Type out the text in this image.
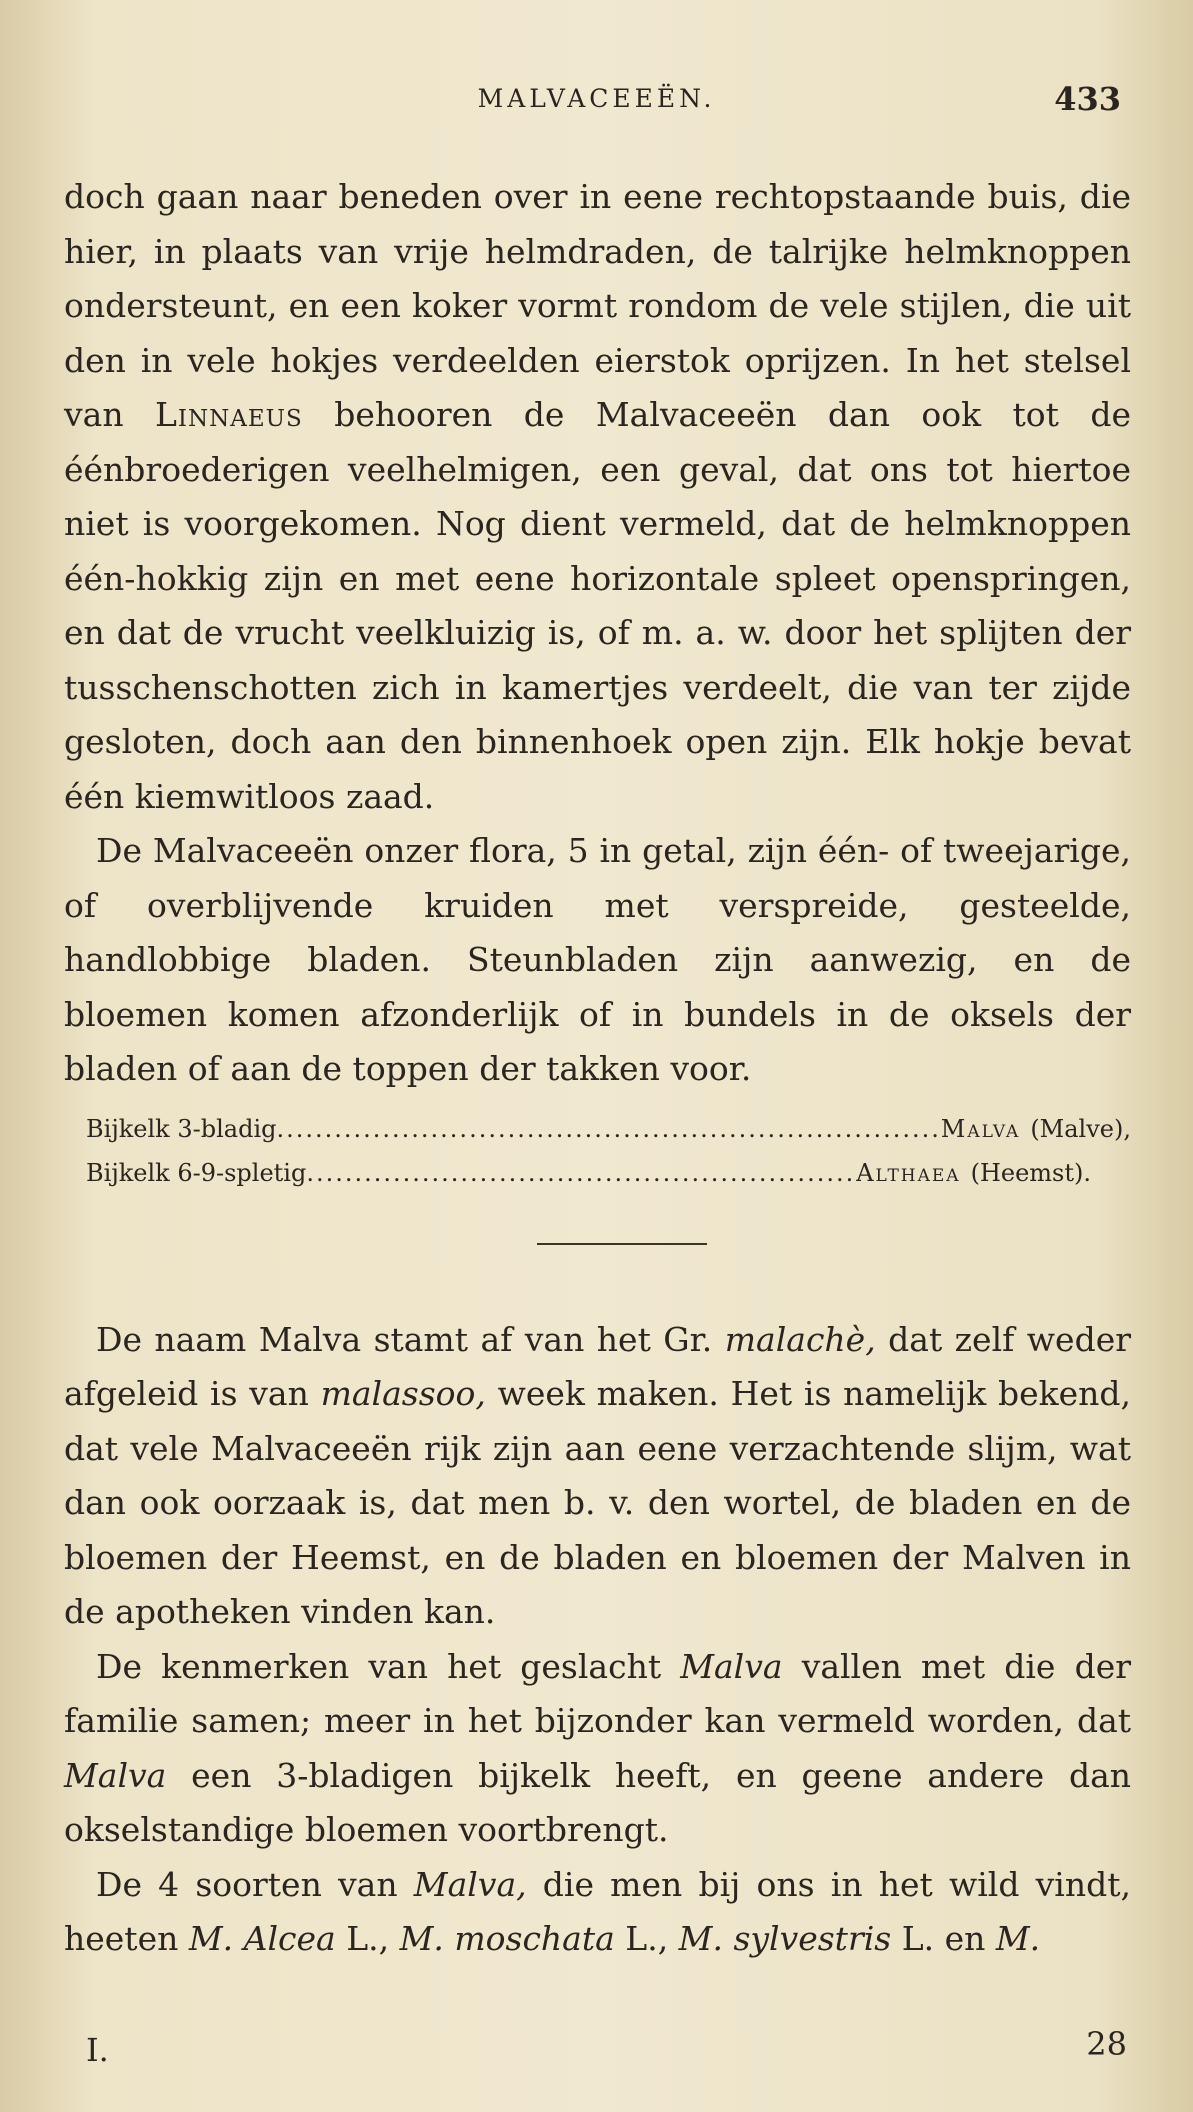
MALVACEEËN.	433

doch gaan naar beneden over in eene rechtopstaande buis, die hier, in plaats van vrije helmdraden, de talrijke helmknoppen ondersteunt, en een koker vormt rondom de vele stijlen, die uit den in vele hokjes verdeelden eierstok oprijzen. In het stelsel van Linnaeus behooren de Malvaceeën dan ook tot de éénbroederigen veelhelmigen, een geval, dat ons tot hiertoe niet is voorgekomen. Nog dient vermeld, dat de helmknoppen één-hokkig zijn en met eene horizontale spleet openspringen, en dat de vrucht veelkluizig is, of m. a. w. door het splijten der tusschenschotten zich in kamertjes verdeelt, die van ter zijde gesloten, doch aan den binnenhoek open zijn. Elk hokje bevat één kiemwitloos zaad.

De Malvaceeën onzer flora, 5 in getal, zijn één- of tweejarige, of overblijvende kruiden met verspreide, gesteelde, handlobbige bladen. Steunbladen zijn aanwezig, en de bloemen komen afzonderlijk of in bundels in de oksels der bladen of aan de toppen der takken voor.

Bijkelk 3-bladig .....	Malva (Malve),
Bijkelk 6-9-spletig .....	Althaea (Heemst).

De naam Malva stamt af van het Gr. malachè, dat zelf weder afgeleid is van malassoo, week maken. Het is namelijk bekend, dat vele Malvaceeën rijk zijn aan eene verzachtende slijm, wat dan ook oorzaak is, dat men b. v. den wortel, de bladen en de bloemen der Heemst, en de bladen en bloemen der Malven in de apotheken vinden kan.

De kenmerken van het geslacht Malva vallen met die der familie samen; meer in het bijzonder kan vermeld worden, dat Malva een 3-bladigen bijkelk heeft, en geene andere dan okselstandige bloemen voortbrengt.

De 4 soorten van Malva, die men bij ons in het wild vindt, heeten M. Alcea L., M. moschata L., M. sylvestris L. en M.

I.	28
